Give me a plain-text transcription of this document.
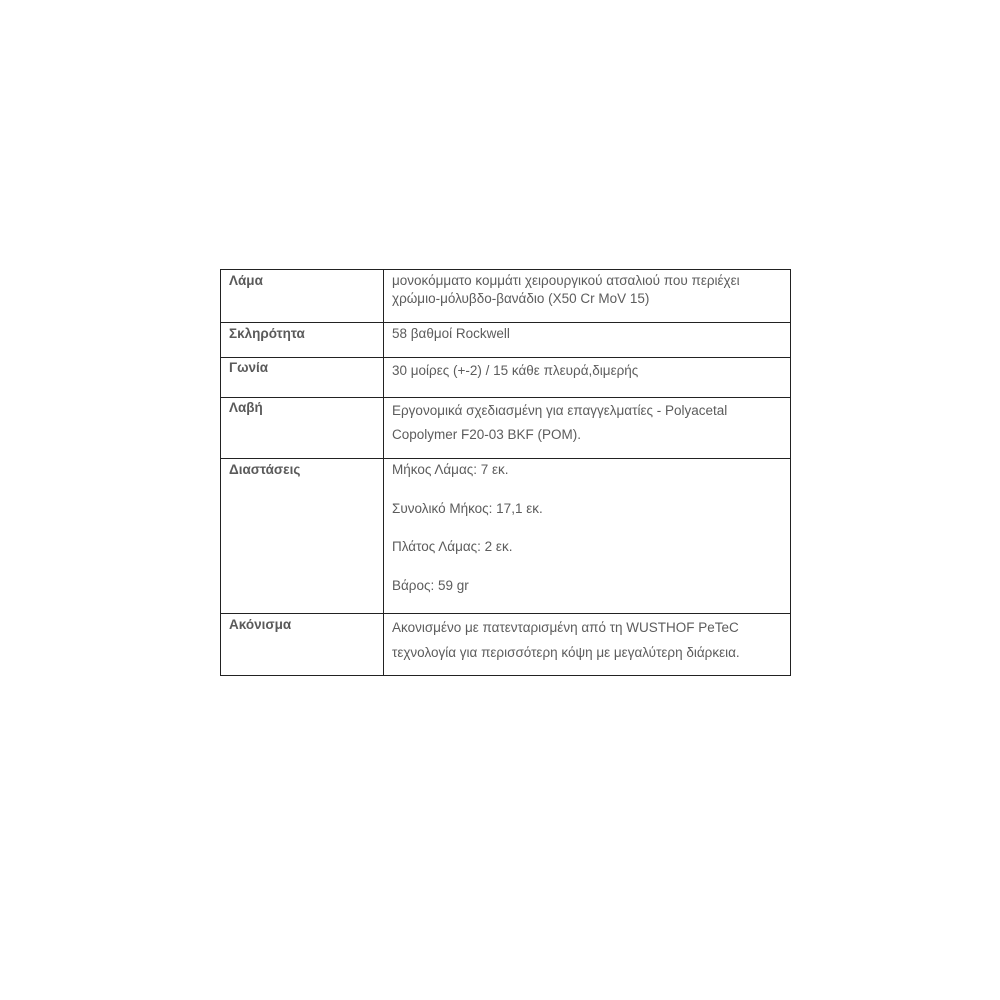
Λάμα	μονοκόμματο κομμάτι χειρουργικού ατσαλιού που περιέχει χρώμιο-μόλυβδο-βανάδιο (X50 Cr MoV 15)
Σκληρότητα	58 βαθμοί Rockwell
Γωνία	30 μοίρες (+-2) / 15 κάθε πλευρά,διμερής
Λαβή	Εργονομικά σχεδιασμένη για επαγγελματίες - Polyacetal Copolymer F20-03 BKF (POM).
Διαστάσεις	Μήκος Λάμας: 7 εκ.

Συνολικό Μήκος: 17,1 εκ.

Πλάτος Λάμας: 2 εκ.

Βάρος: 59 gr

Ακόνισμα	Ακονισμένο με πατενταρισμένη από τη WUSTHOF PeTeC τεχνολογία για περισσότερη κόψη με μεγαλύτερη διάρκεια.
